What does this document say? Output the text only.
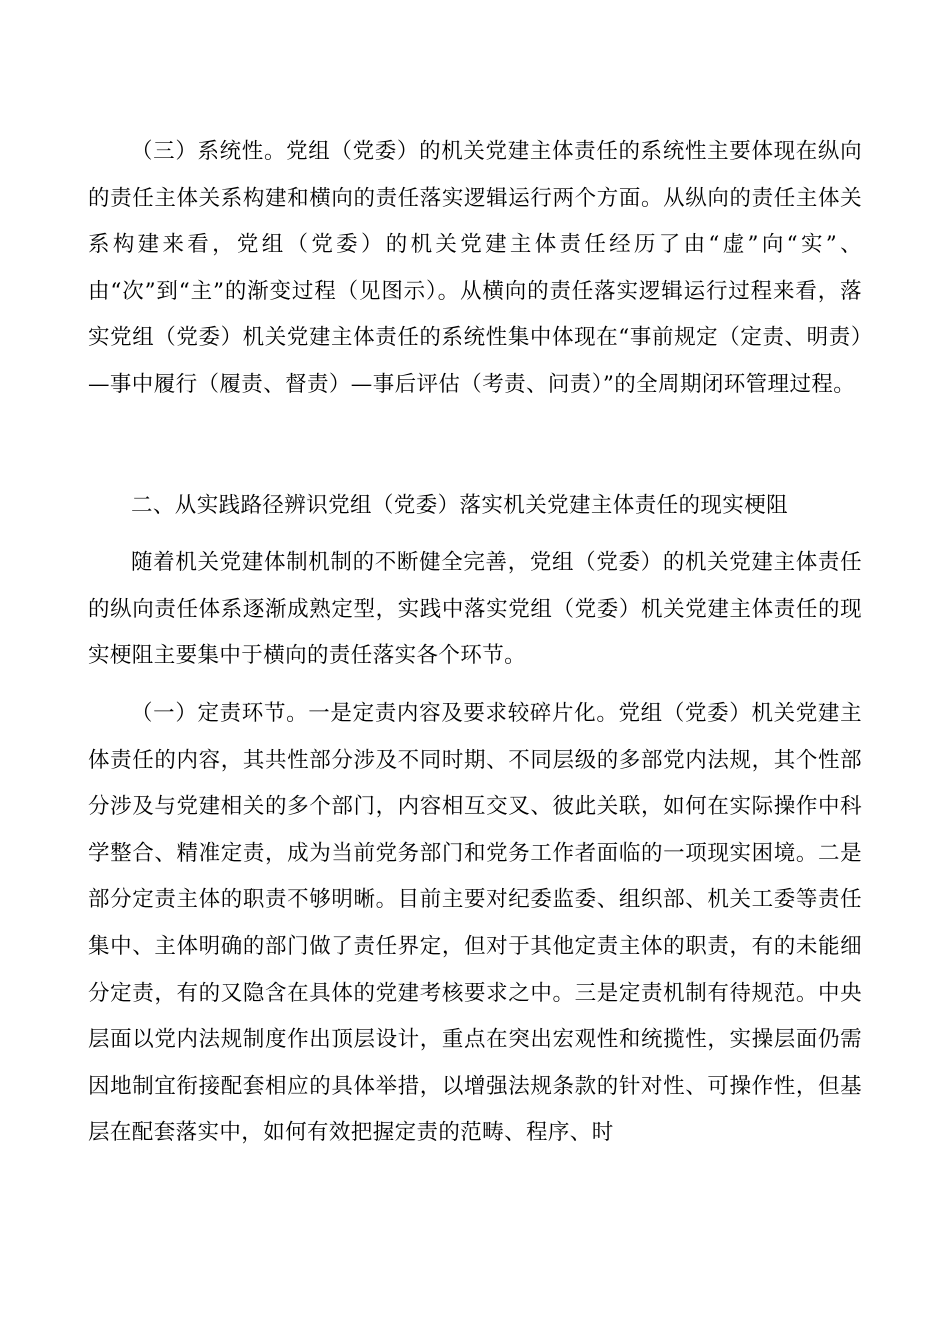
（三）系统性。党组（党委）的机关党建主体责任的系统性主要体现在纵向的责任主体关系构建和横向的责任落实逻辑运行两个方面。从纵向的责任主体关系构建来看，党组（党委）的机关党建主体责任经历了由“虚”向“实”、由“次”到“主”的渐变过程（见图示）。从横向的责任落实逻辑运行过程来看，落实党组（党委）机关党建主体责任的系统性集中体现在“事前规定（定责、明责）—事中履行（履责、督责）—事后评估（考责、问责）”的全周期闭环管理过程。

二、从实践路径辨识党组（党委）落实机关党建主体责任的现实梗阻

随着机关党建体制机制的不断健全完善，党组（党委）的机关党建主体责任的纵向责任体系逐渐成熟定型，实践中落实党组（党委）机关党建主体责任的现实梗阻主要集中于横向的责任落实各个环节。

（一）定责环节。一是定责内容及要求较碎片化。党组（党委）机关党建主体责任的内容，其共性部分涉及不同时期、不同层级的多部党内法规，其个性部分涉及与党建相关的多个部门，内容相互交叉、彼此关联，如何在实际操作中科学整合、精准定责，成为当前党务部门和党务工作者面临的一项现实困境。二是部分定责主体的职责不够明晰。目前主要对纪委监委、组织部、机关工委等责任集中、主体明确的部门做了责任界定，但对于其他定责主体的职责，有的未能细分定责，有的又隐含在具体的党建考核要求之中。三是定责机制有待规范。中央层面以党内法规制度作出顶层设计，重点在突出宏观性和统揽性，实操层面仍需因地制宜衔接配套相应的具体举措，以增强法规条款的针对性、可操作性，但基层在配套落实中，如何有效把握定责的范畴、程序、时
